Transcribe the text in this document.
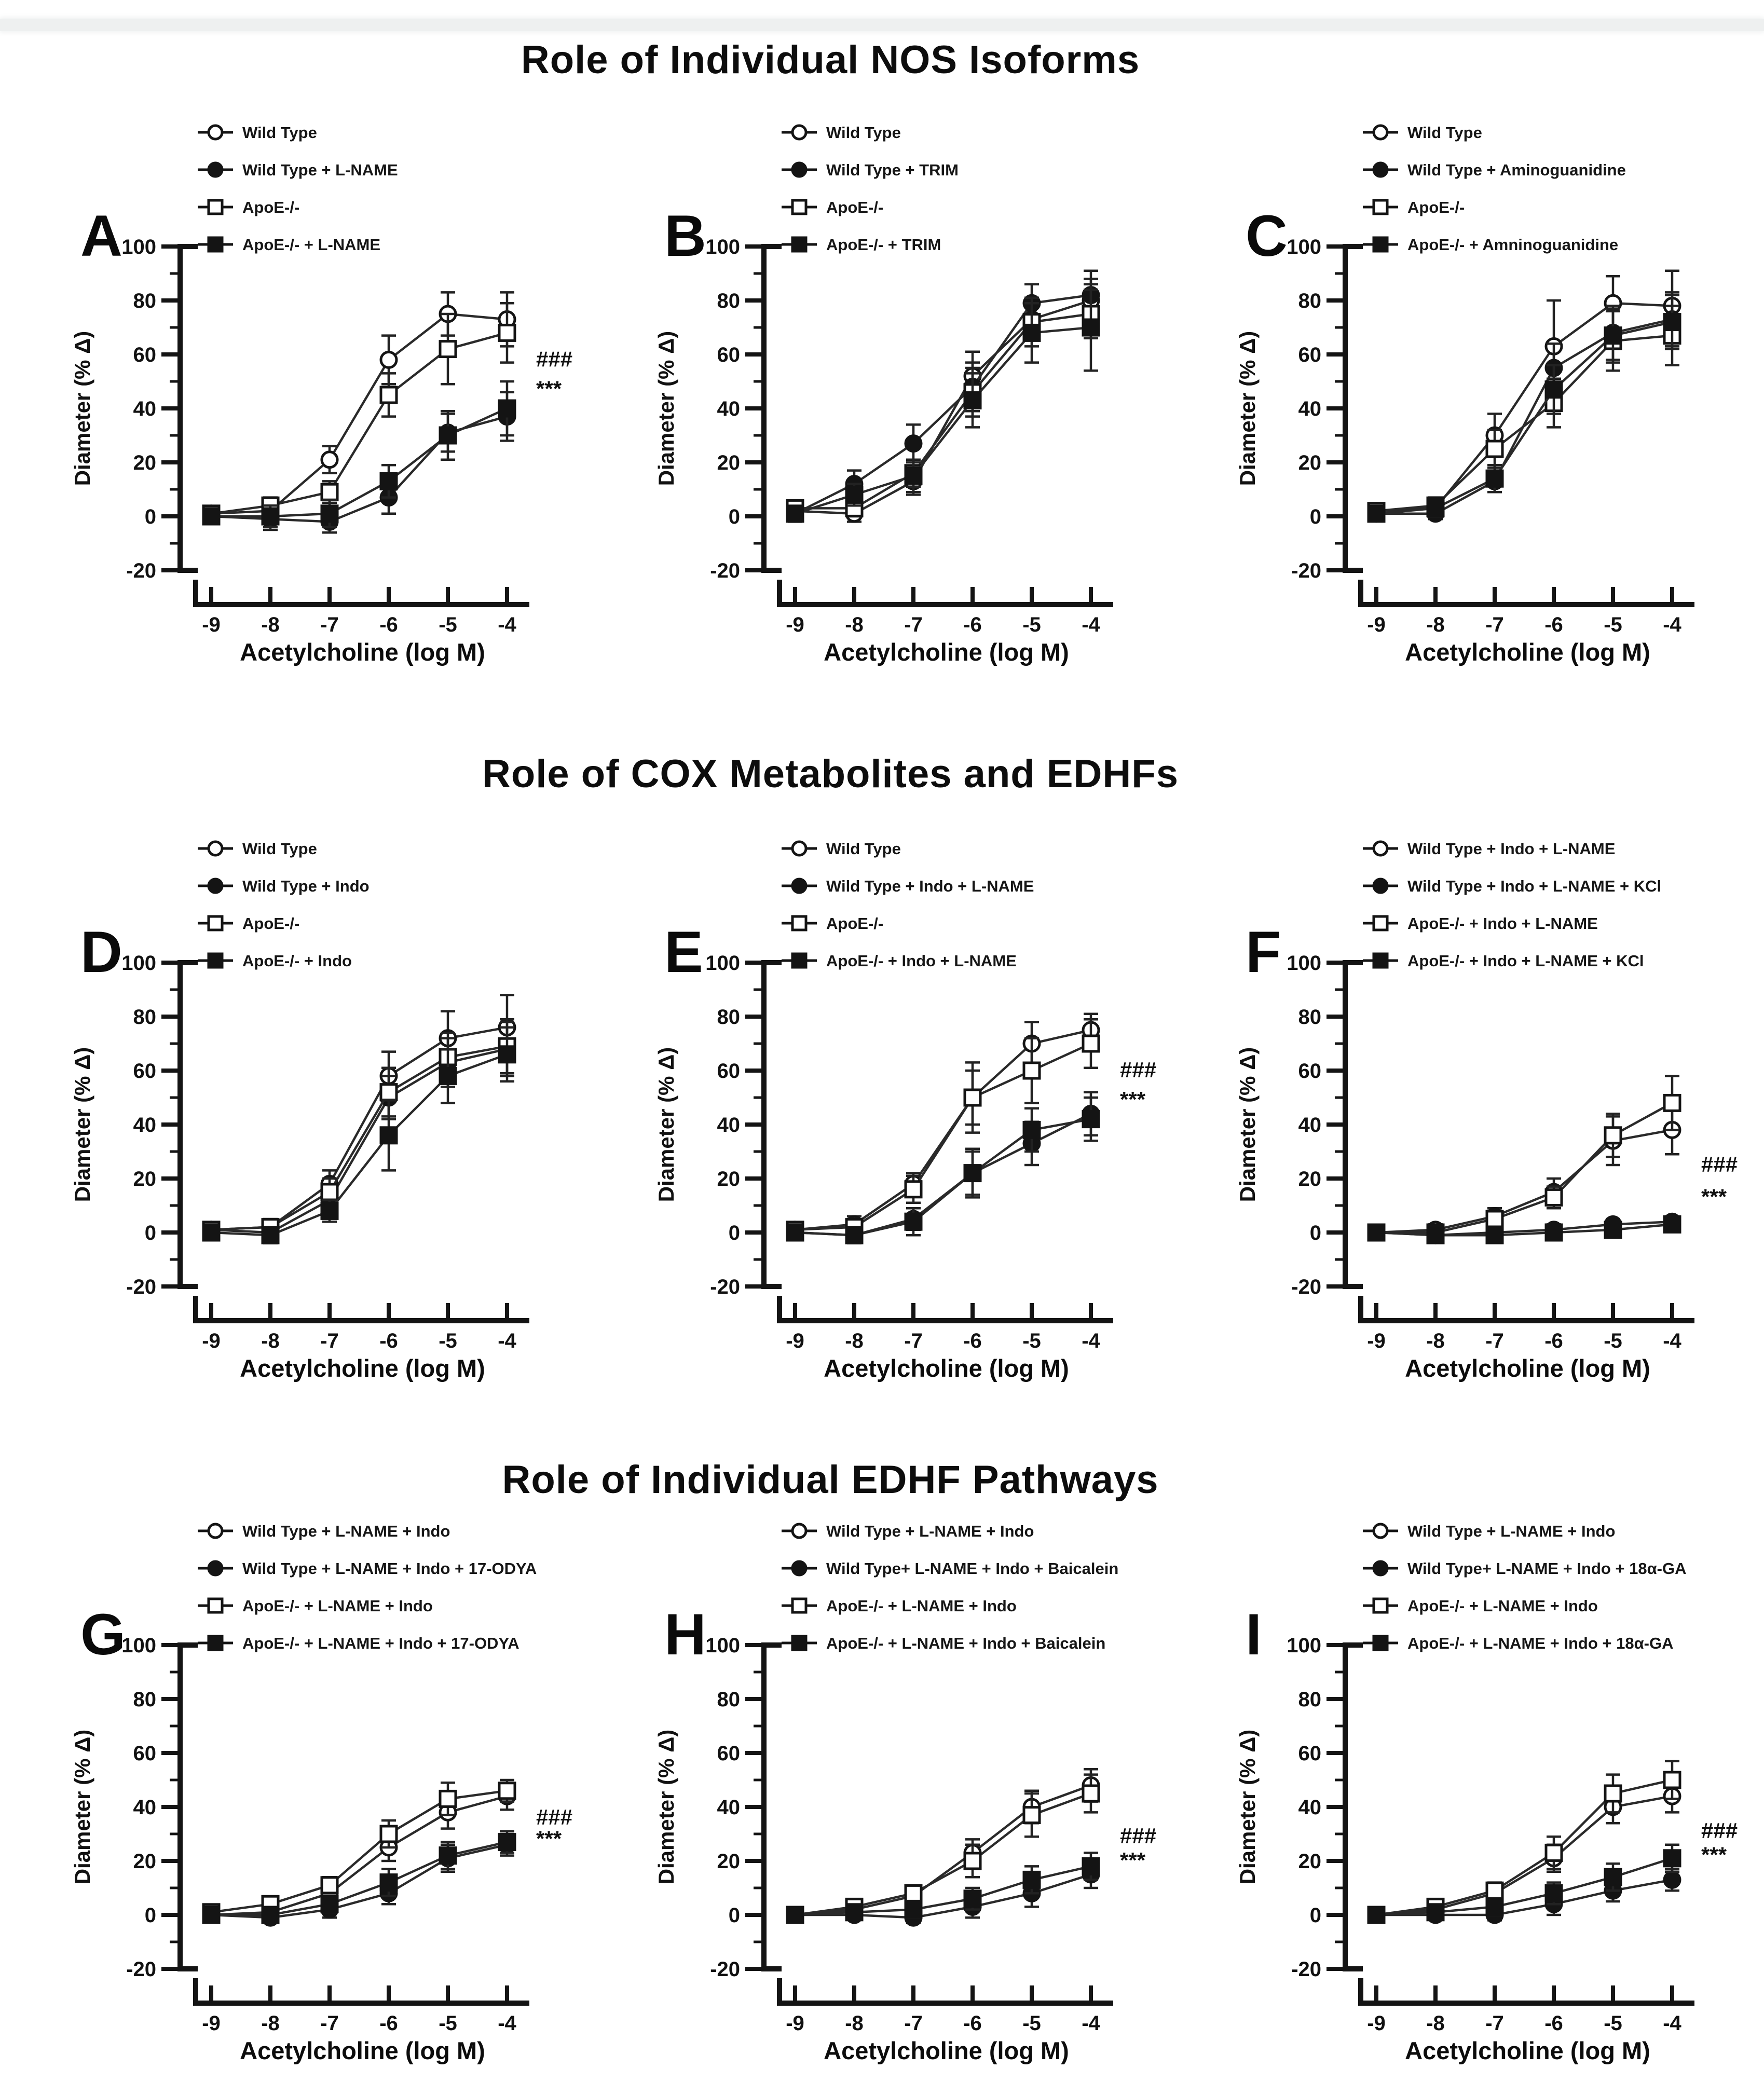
Role of Individual NOS Isoforms
Role of COX Metabolites and EDHFs
Role of Individual EDHF Pathways
A
Wild Type
Wild Type + L-NAME
ApoE-/-
ApoE-/- + L-NAME
-20
0
20
40
60
80
100
Diameter (% Δ)
-9 -8 -7 -6 -5 -4
Acetylcholine (log M)
###
***
B
Wild Type
Wild Type + TRIM
ApoE-/-
ApoE-/- + TRIM
-20
0
20
40
60
80
100
Diameter (% Δ)
-9 -8 -7 -6 -5 -4
Acetylcholine (log M)
C
Wild Type
Wild Type + Aminoguanidine
ApoE-/-
ApoE-/- + Amninoguanidine
-20
0
20
40
60
80
100
Diameter (% Δ)
-9 -8 -7 -6 -5 -4
Acetylcholine (log M)
D
Wild Type
Wild Type + Indo
ApoE-/-
ApoE-/- + Indo
-20
0
20
40
60
80
100
Diameter (% Δ)
-9 -8 -7 -6 -5 -4
Acetylcholine (log M)
E
Wild Type
Wild Type + Indo + L-NAME
ApoE-/-
ApoE-/- + Indo + L-NAME
-20
0
20
40
60
80
100
Diameter (% Δ)
-9 -8 -7 -6 -5 -4
Acetylcholine (log M)
###
***
F
Wild Type + Indo + L-NAME
Wild Type + Indo + L-NAME + KCl
ApoE-/- + Indo + L-NAME
ApoE-/- + Indo + L-NAME + KCl
-20
0
20
40
60
80
100
Diameter (% Δ)
-9 -8 -7 -6 -5 -4
Acetylcholine (log M)
###
***
G
Wild Type + L-NAME + Indo
Wild Type + L-NAME + Indo + 17-ODYA
ApoE-/- + L-NAME + Indo
ApoE-/- + L-NAME + Indo + 17-ODYA
-20
0
20
40
60
80
100
Diameter (% Δ)
-9 -8 -7 -6 -5 -4
Acetylcholine (log M)
###
***
H
Wild Type + L-NAME + Indo
Wild Type+ L-NAME + Indo + Baicalein
ApoE-/- + L-NAME + Indo
ApoE-/- + L-NAME + Indo + Baicalein
-20
0
20
40
60
80
100
Diameter (% Δ)
-9 -8 -7 -6 -5 -4
Acetylcholine (log M)
###
***
I
Wild Type + L-NAME + Indo
Wild Type+ L-NAME + Indo + 18α-GA
ApoE-/- + L-NAME + Indo
ApoE-/- + L-NAME + Indo + 18α-GA
-20
0
20
40
60
80
100
Diameter (% Δ)
-9 -8 -7 -6 -5 -4
Acetylcholine (log M)
###
***
